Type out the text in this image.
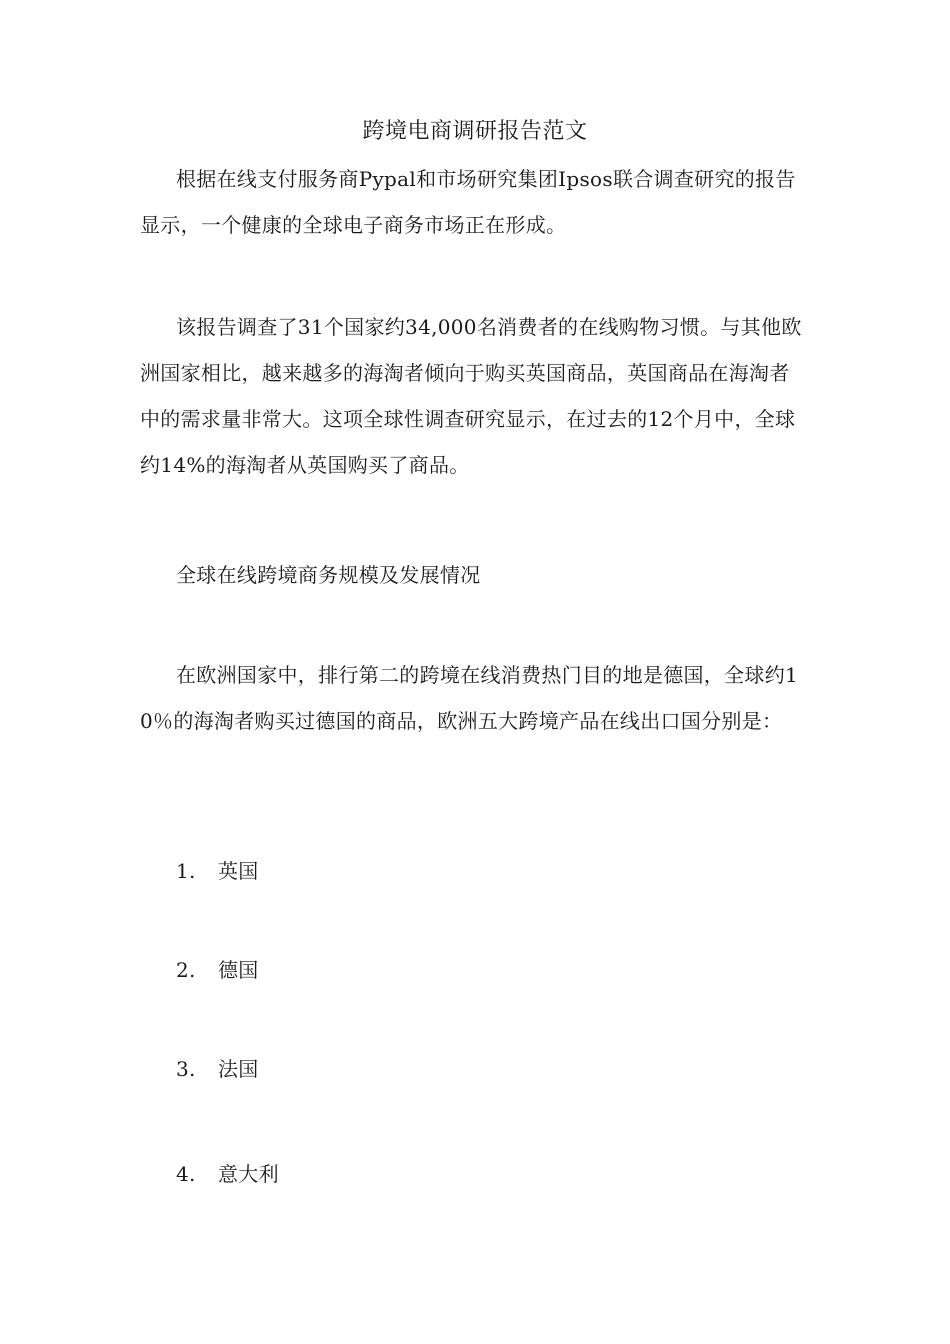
跨境电商调研报告范文

根据在线支付服务商Pypal和市场研究集团Ipsos联合调查研究的报告显示，一个健康的全球电子商务市场正在形成。

该报告调查了31个国家约34,000名消费者的在线购物习惯。与其他欧洲国家相比，越来越多的海淘者倾向于购买英国商品，英国商品在海淘者中的需求量非常大。这项全球性调查研究显示，在过去的12个月中，全球约14%的海淘者从英国购买了商品。

全球在线跨境商务规模及发展情况

在欧洲国家中，排行第二的跨境在线消费热门目的地是德国，全球约10％的海淘者购买过德国的商品，欧洲五大跨境产品在线出口国分别是：

1. 英国
2. 德国
3. 法国
4. 意大利
